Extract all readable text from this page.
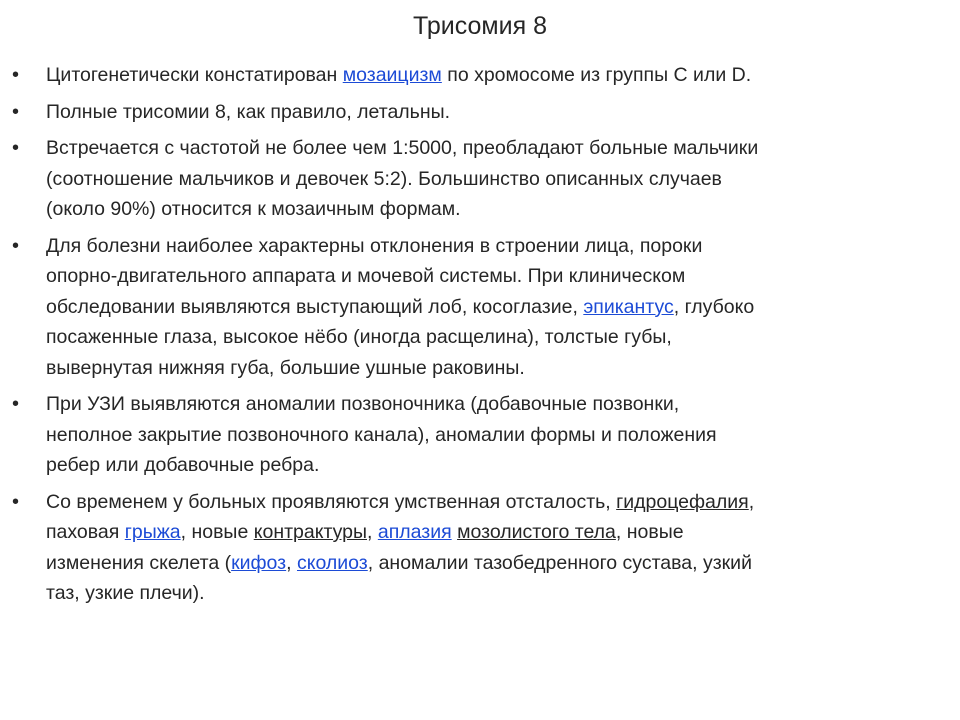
Трисомия 8
• Цитогенетически констатирован мозаицизм по хромосоме из группы C или D.
• Полные трисомии 8, как правило, летальны.
• Встречается с частотой не более чем 1:5000, преобладают больные мальчики
(соотношение мальчиков и девочек 5:2). Большинство описанных случаев
(около 90%) относится к мозаичным формам.
• Для болезни наиболее характерны отклонения в строении лица, пороки
опорно-двигательного аппарата и мочевой системы. При клиническом
обследовании выявляются выступающий лоб, косоглазие, эпикантус, глубоко
посаженные глаза, высокое нёбо (иногда расщелина), толстые губы,
вывернутая нижняя губа, большие ушные раковины.
• При УЗИ выявляются аномалии позвоночника (добавочные позвонки,
неполное закрытие позвоночного канала), аномалии формы и положения
ребер или добавочные ребра.
• Со временем у больных проявляются умственная отсталость, гидроцефалия,
паховая грыжа, новые контрактуры, аплазия мозолистого тела, новые
изменения скелета (кифоз, сколиоз, аномалии тазобедренного сустава, узкий
таз, узкие плечи).
